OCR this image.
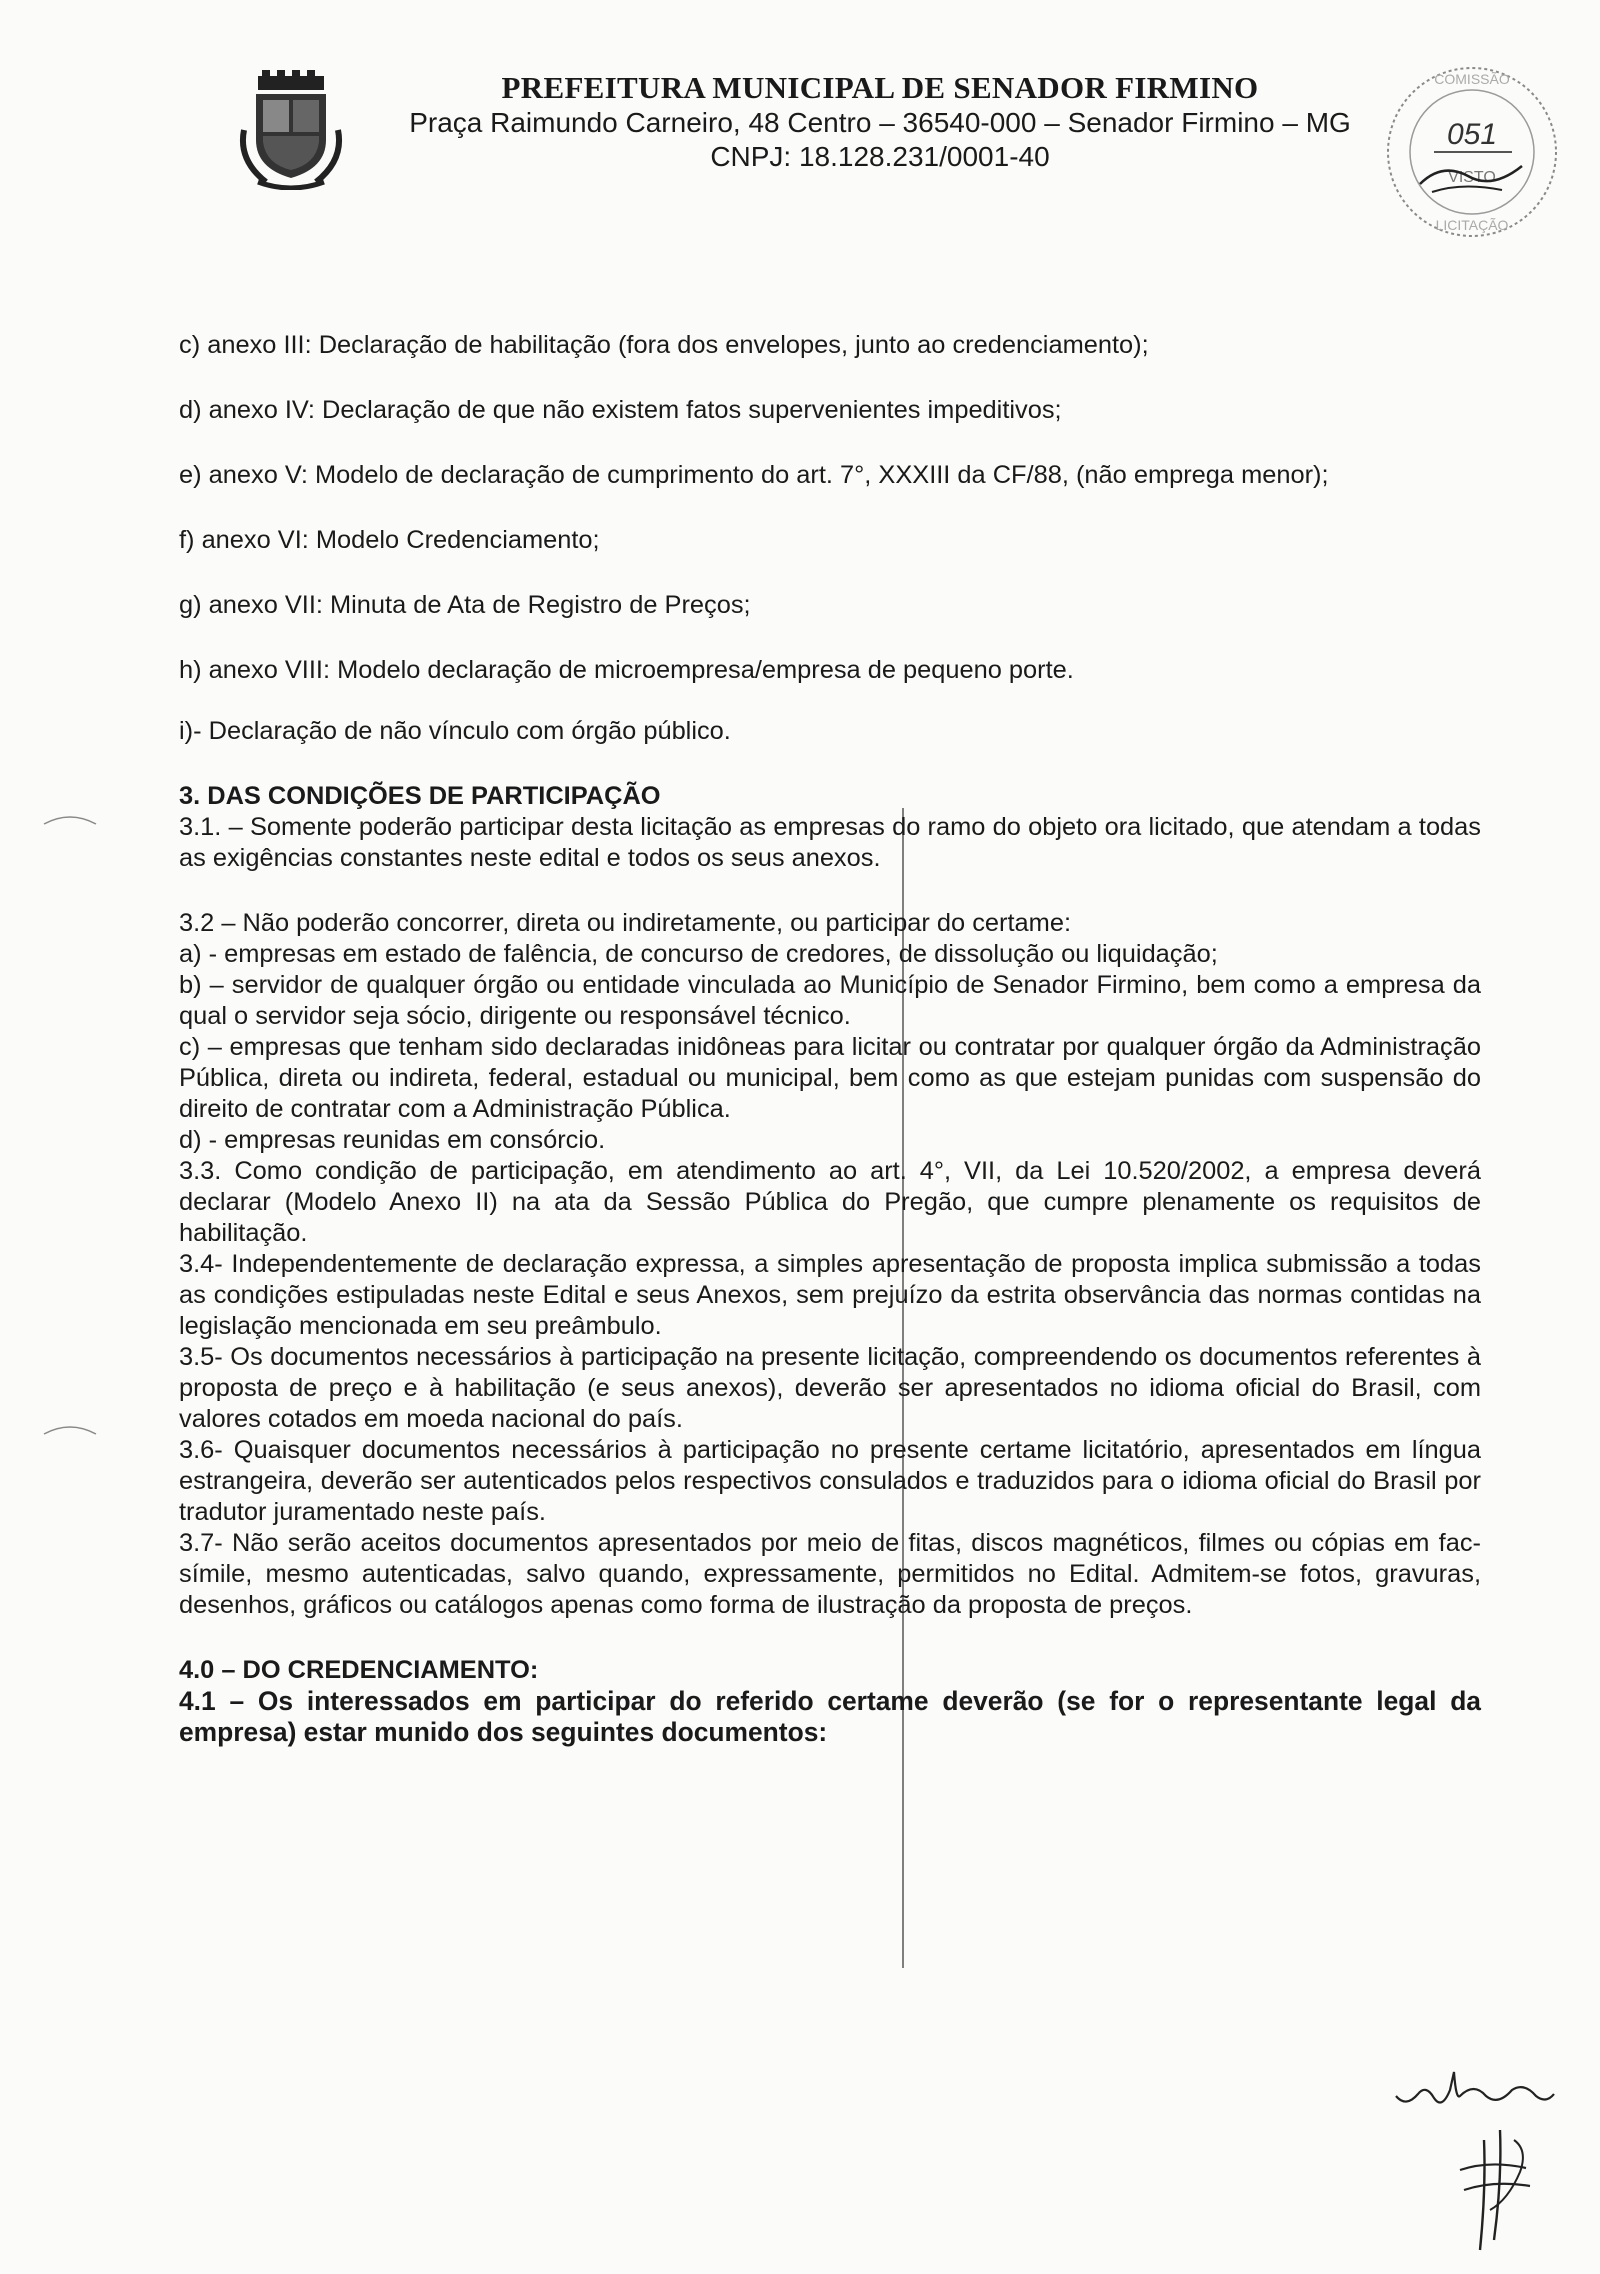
PREFEITURA MUNICIPAL DE SENADOR FIRMINO
Praça Raimundo Carneiro, 48 Centro – 36540-000 – Senador Firmino – MG
CNPJ: 18.128.231/0001-40
COMISSÃO
LICITAÇÃO
051
VISTO

c) anexo III: Declaração de habilitação (fora dos envelopes, junto ao credenciamento);

d) anexo IV: Declaração de que não existem fatos supervenientes impeditivos;

e) anexo V: Modelo de declaração de cumprimento do art. 7°, XXXIII da CF/88, (não emprega menor);

f) anexo VI: Modelo Credenciamento;

g) anexo VII: Minuta de Ata de Registro de Preços;

h) anexo VIII: Modelo declaração de microempresa/empresa de pequeno porte.

i)- Declaração de não vínculo com órgão público.

3. DAS CONDIÇÕES DE PARTICIPAÇÃO

3.1. – Somente poderão participar desta licitação as empresas do ramo do objeto ora licitado, que atendam a todas as exigências constantes neste edital e todos os seus anexos.

3.2 – Não poderão concorrer, direta ou indiretamente, ou participar do certame:

a) - empresas em estado de falência, de concurso de credores, de dissolução ou liquidação;

b) – servidor de qualquer órgão ou entidade vinculada ao Município de Senador Firmino, bem como a empresa da qual o servidor seja sócio, dirigente ou responsável técnico.

c) – empresas que tenham sido declaradas inidôneas para licitar ou contratar por qualquer órgão da Administração Pública, direta ou indireta, federal, estadual ou municipal, bem como as que estejam punidas com suspensão do direito de contratar com a Administração Pública.

d) - empresas reunidas em consórcio.

3.3. Como condição de participação, em atendimento ao art. 4°, VII, da Lei 10.520/2002, a empresa deverá declarar (Modelo Anexo II) na ata da Sessão Pública do Pregão, que cumpre plenamente os requisitos de habilitação.

3.4- Independentemente de declaração expressa, a simples apresentação de proposta implica submissão a todas as condições estipuladas neste Edital e seus Anexos, sem prejuízo da estrita observância das normas contidas na legislação mencionada em seu preâmbulo.

3.5- Os documentos necessários à participação na presente licitação, compreendendo os documentos referentes à proposta de preço e à habilitação (e seus anexos), deverão ser apresentados no idioma oficial do Brasil, com valores cotados em moeda nacional do país.

3.6- Quaisquer documentos necessários à participação no presente certame licitatório, apresentados em língua estrangeira, deverão ser autenticados pelos respectivos consulados e traduzidos para o idioma oficial do Brasil por tradutor juramentado neste país.

3.7- Não serão aceitos documentos apresentados por meio de fitas, discos magnéticos, filmes ou cópias em fac-símile, mesmo autenticadas, salvo quando, expressamente, permitidos no Edital. Admitem-se fotos, gravuras, desenhos, gráficos ou catálogos apenas como forma de ilustração da proposta de preços.

4.0 – DO CREDENCIAMENTO:

4.1 – Os interessados em participar do referido certame deverão (se for o representante legal da empresa) estar munido dos seguintes documentos:
